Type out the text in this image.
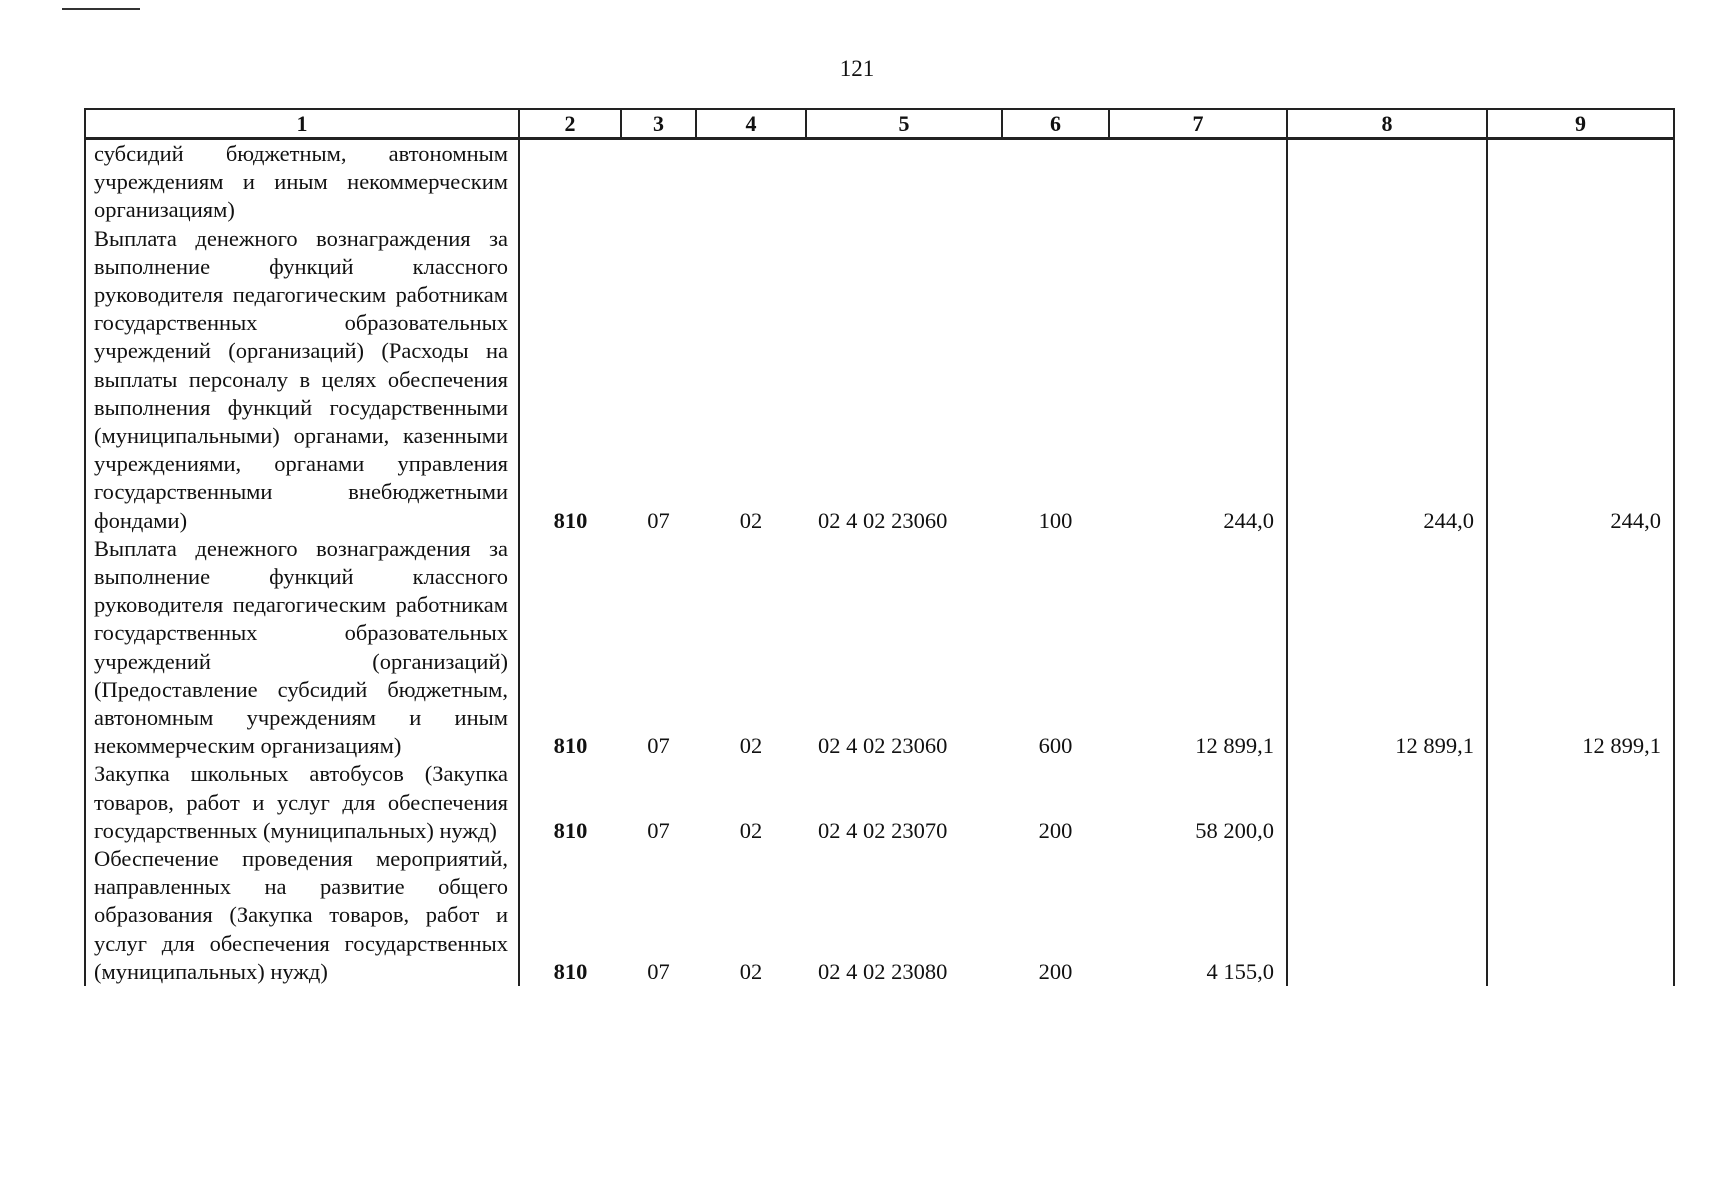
121
1	2	3	4	5	6	7	8	9
субсидий бюджетным, автономным учреждениям и иным некоммерческим организациям)								
Выплата денежного вознаграждения за выполнение функций классного руководителя педагогическим работникам государственных образовательных учреждений (организаций) (Расходы на выплаты персоналу в целях обеспечения выполнения функций государственными (муниципальными) органами, казенными учреждениями, органами управления государственными внебюджетными фондами)	810	07	02	02 4 02 23060	100	244,0	244,0	244,0
Выплата денежного вознаграждения за выполнение функций классного руководителя педагогическим работникам государственных образовательных учреждений (организаций) (Предоставление субсидий бюджетным, автономным учреждениям и иным некоммерческим организациям)	810	07	02	02 4 02 23060	600	12 899,1	12 899,1	12 899,1
Закупка школьных автобусов (Закупка товаров, работ и услуг для обеспечения государственных (муниципальных) нужд)	810	07	02	02 4 02 23070	200	58 200,0		
Обеспечение проведения мероприятий, направленных на развитие общего образования (Закупка товаров, работ и услуг для обеспечения государственных (муниципальных) нужд)	810	07	02	02 4 02 23080	200	4 155,0		
